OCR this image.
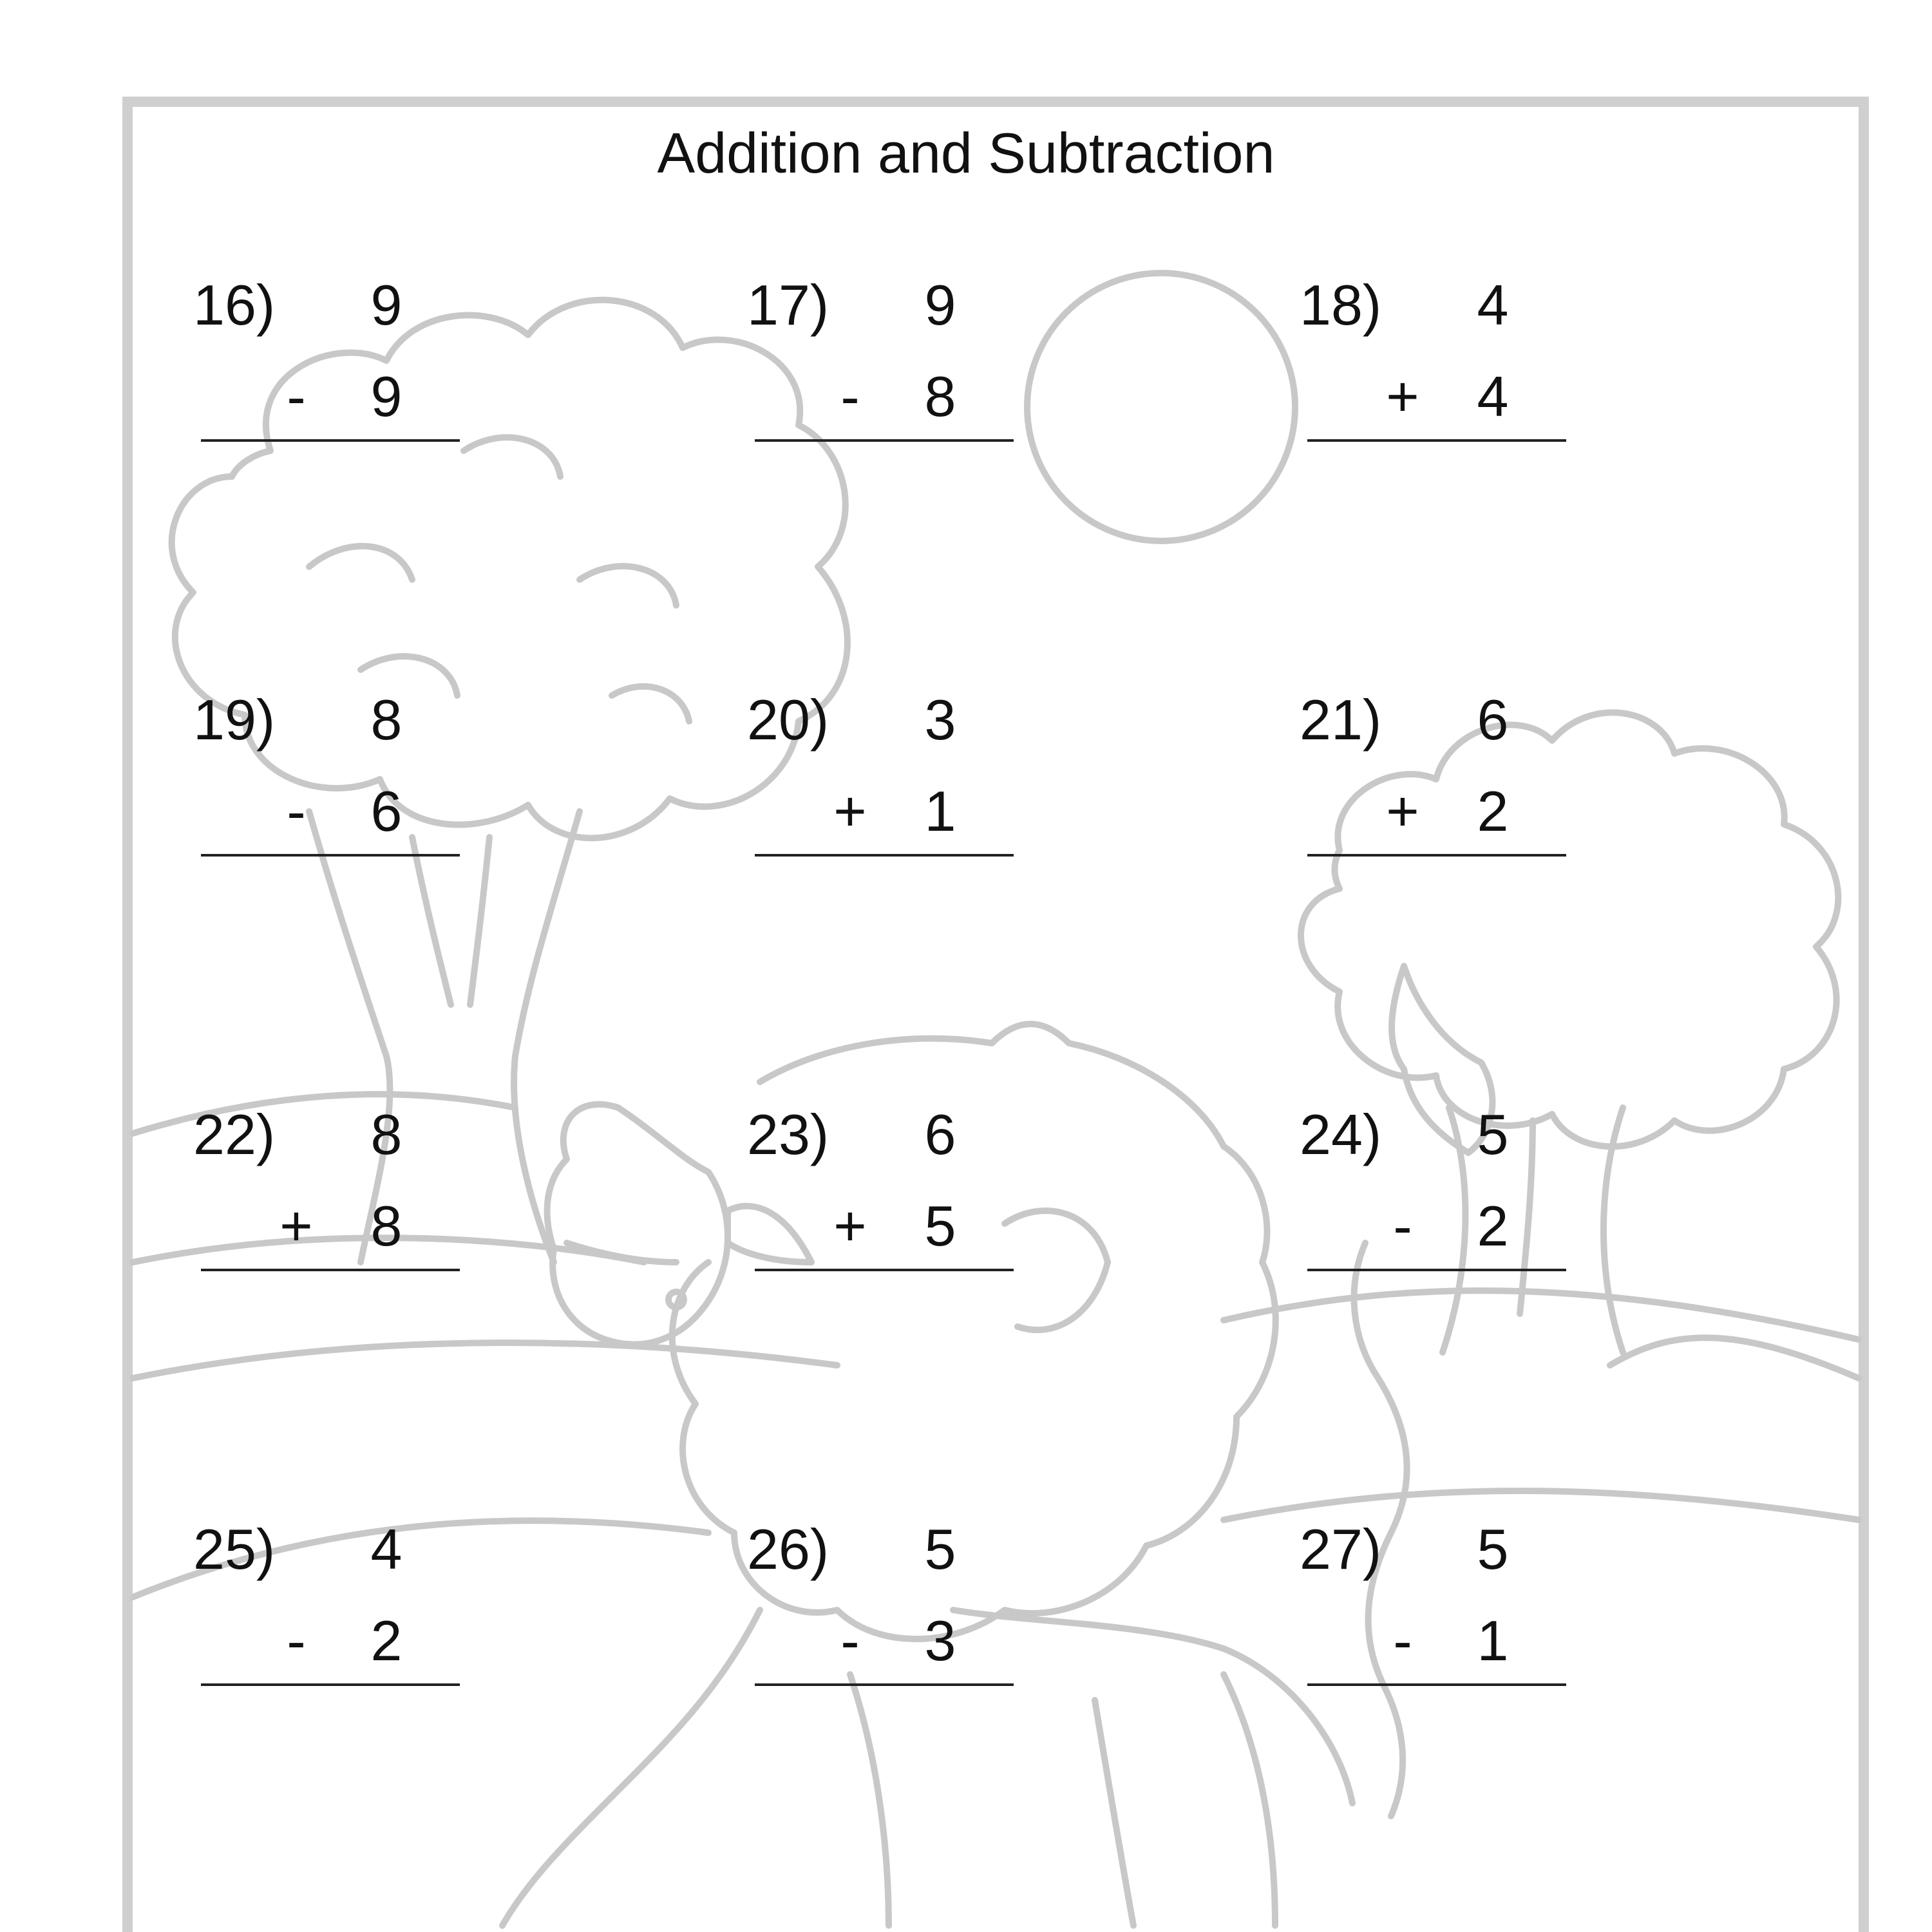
Addition and Subtraction
16) 9
- 9
17) 9
- 8
18) 4
+ 4
19) 8
- 6
20) 3
+ 1
21) 6
+ 2
22) 8
+ 8
23) 6
+ 5
24) 5
- 2
25) 4
- 2
26) 5
- 3
27) 5
- 1
